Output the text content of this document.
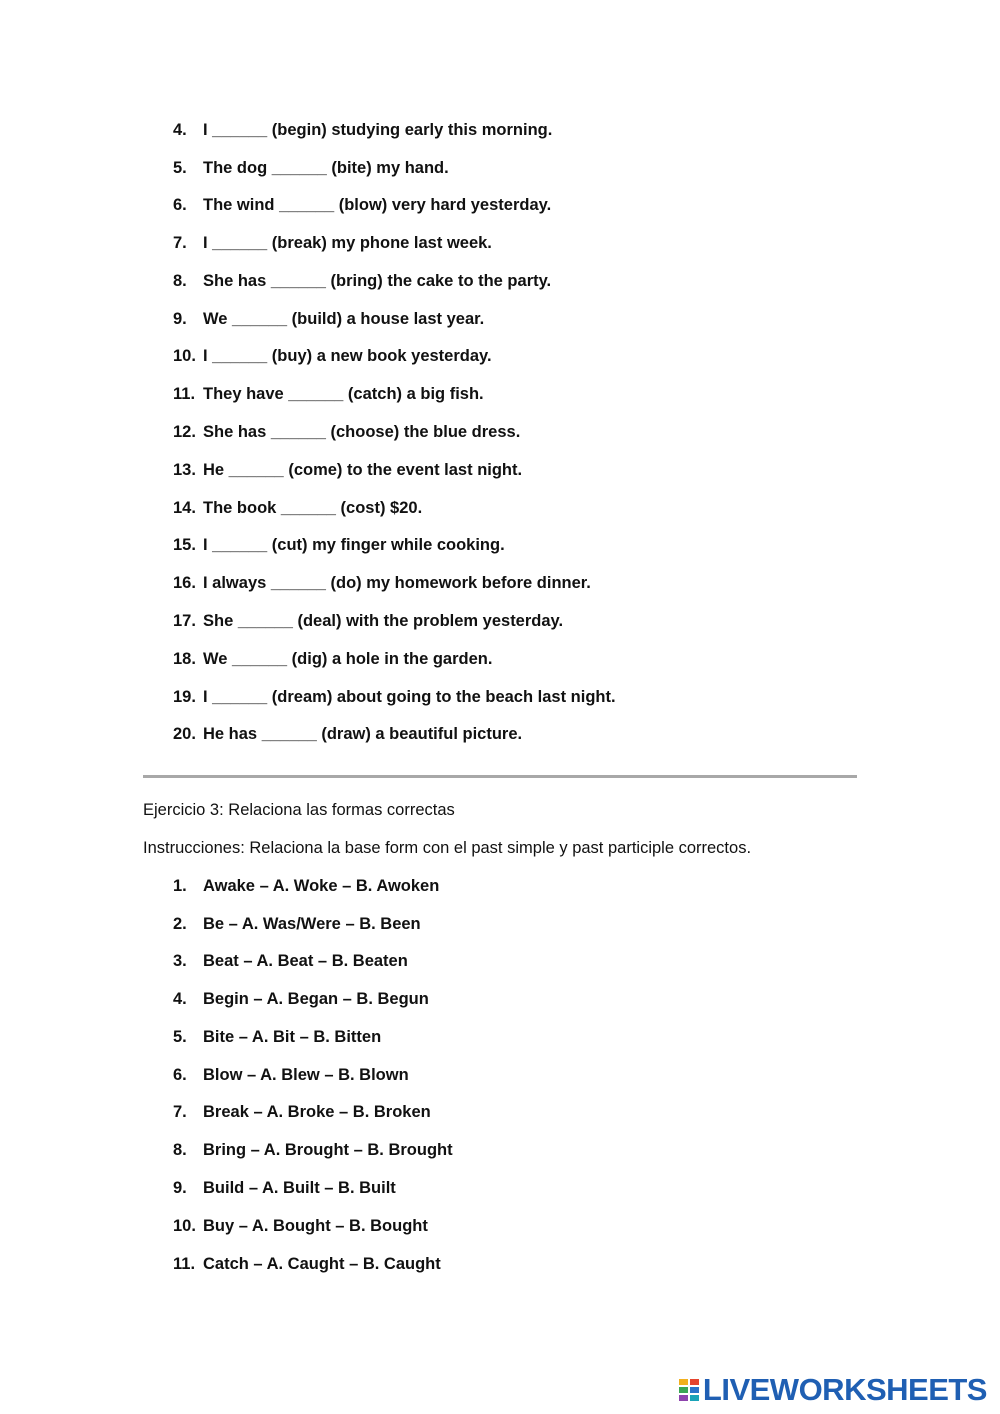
4. I ______ (begin) studying early this morning.
5. The dog ______ (bite) my hand.
6. The wind ______ (blow) very hard yesterday.
7. I ______ (break) my phone last week.
8. She has ______ (bring) the cake to the party.
9. We ______ (build) a house last year.
10. I ______ (buy) a new book yesterday.
11. They have ______ (catch) a big fish.
12. She has ______ (choose) the blue dress.
13. He ______ (come) to the event last night.
14. The book ______ (cost) $20.
15. I ______ (cut) my finger while cooking.
16. I always ______ (do) my homework before dinner.
17. She ______ (deal) with the problem yesterday.
18. We ______ (dig) a hole in the garden.
19. I ______ (dream) about going to the beach last night.
20. He has ______ (draw) a beautiful picture.
Ejercicio 3: Relaciona las formas correctas
Instrucciones: Relaciona la base form con el past simple y past participle correctos.
1. Awake – A. Woke – B. Awoken
2. Be – A. Was/Were – B. Been
3. Beat – A. Beat – B. Beaten
4. Begin – A. Began – B. Begun
5. Bite – A. Bit – B. Bitten
6. Blow – A. Blew – B. Blown
7. Break – A. Broke – B. Broken
8. Bring – A. Brought – B. Brought
9. Build – A. Built – B. Built
10. Buy – A. Bought – B. Bought
11. Catch – A. Caught – B. Caught
LIVEWORKSHEETS
